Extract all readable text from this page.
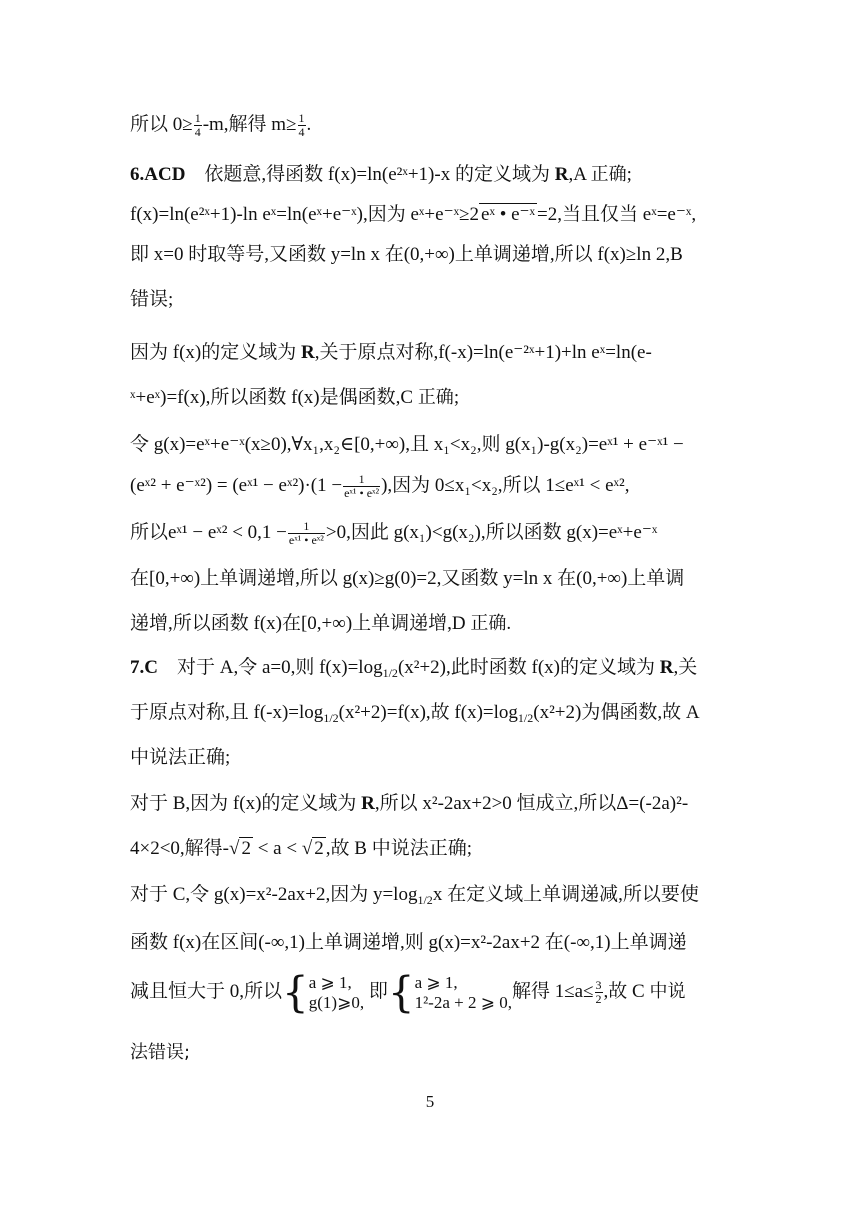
所以 $0\ge \frac{1}{4} -m$,解得 $m\ge \frac{1}{4}$ .
6.ACD 依题意,得函数 f(x)=ln(e²ˣ+1)-x 的定义域为 R,A 正确;
f(x)=ln(e²ˣ+1)-ln eˣ=ln(eˣ+e⁻ˣ),因为 eˣ+e⁻ˣ≥2 eˣ • e⁻ˣ =2,当且仅当 eˣ=e⁻ˣ,
即 x=0 时取等号,又函数 y=ln x 在(0,+∞)上单调递增,所以 f(x)≥ln 2,B
错误;
因为 f(x)的定义域为 R,关于原点对称,f(-x)=ln(e⁻²ˣ+1)+ln eˣ=ln(e-
ˣ+eˣ)=f(x),所以函数 f(x)是偶函数,C 正确;
令 g(x)=eˣ+e⁻ˣ(x≥0),∀x₁,x₂∈[0,+∞),且 x₁<x₂,则 g(x₁)-g(x₂)=eˣ¹ + e⁻ˣ¹ −
(eˣ² + e⁻ˣ²) = (eˣ¹ − eˣ²)·(1 − $\frac{1}{\text{eˣ¹ • eˣ²}}$ ),因为 0≤x₁<x₂,所以 1≤eˣ¹ < eˣ²,
所以eˣ¹ − eˣ² < $0,1 - \frac{1}{\text{eˣ¹ • eˣ²}} >0$,因此 g(x₁)<g(x₂),所以函数 g(x)=eˣ+e⁻ˣ
在[0,+∞)上单调递增,所以 g(x)≥g(0)=2,又函数 y=ln x 在(0,+∞)上单调
递增,所以函数 f(x)在[0,+∞)上单调递增,D 正确.
7.C 对于 A,令 a=0,则 $f(x)=\log_{1/2}(x^2+2)$,此时函数 f(x)的定义域为 R,关
于原点对称,且 $f(-x)=\log_{1/2}(x^2+2)=f(x)$,故 $f(x)=\log_{1/2}(x^2+2)$为偶函数,故 A
中说法正确;
对于 B,因为 f(x)的定义域为 R,所以 x²-2ax+2>0 恒成立,所以Δ=(-2a)²-
4×2<0,解得-√ 2 < a < √ 2 ,故 B 中说法正确;
对于 C,令 g(x)=x²-2ax+2,因为 $y=\log_{1/2}x$ 在定义域上单调递减,所以要使
函数 f(x)在区间(-∞,1)上单调递增,则 g(x)=x²-2ax+2 在(-∞,1)上单调递
减且恒大于 0,所以{ a ⩾ 1,
g(1)⩾0,
即{ a ⩾ 1,
1²-2a + 2 ⩾ 0,
解得 $1\le a\le \frac{3}{2}$ ,故 C 中说
法错误;
5
